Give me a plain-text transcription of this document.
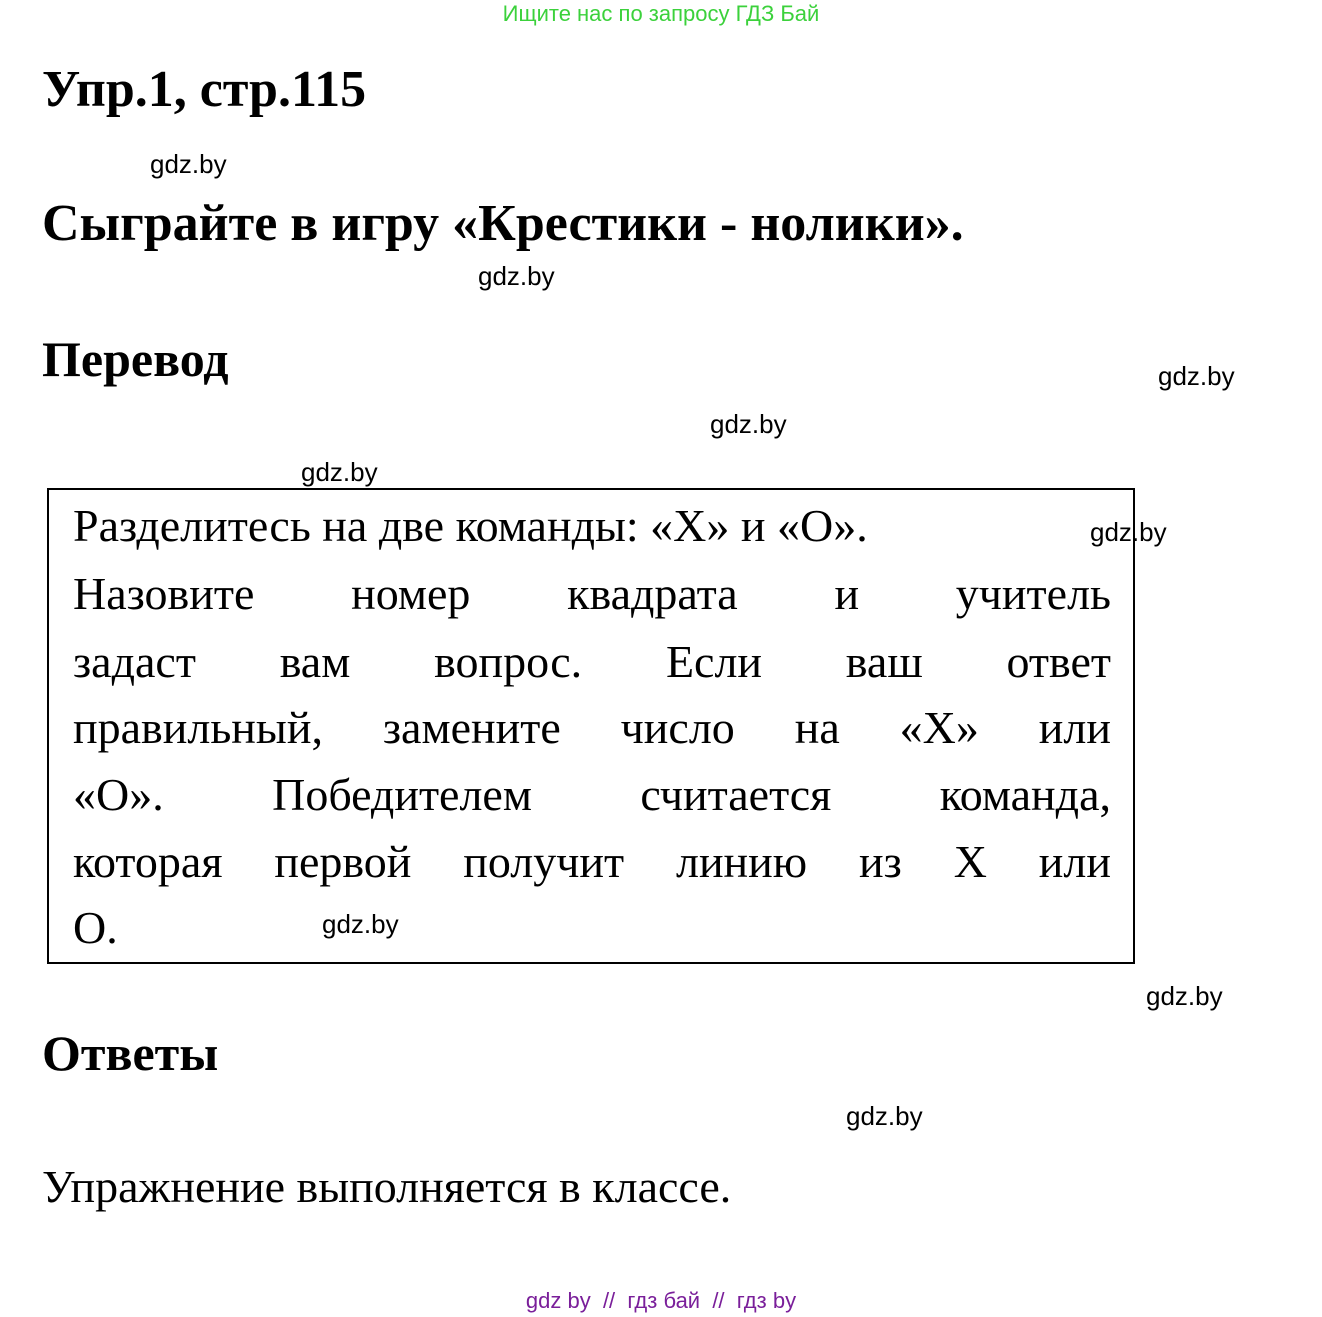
Ищите нас по запросу ГДЗ Бай
Упр.1, стр.115
gdz.by
Сыграйте в игру «Крестики - нолики».
gdz.by
Перевод	gdz.by
gdz.by
gdz.by
Разделитесь на две команды: «X» и «O».
Назовите номер квадрата и учитель
задаст вам вопрос. Если ваш ответ
правильный, замените число на «X» или
«O». Победителем считается команда,
которая первой получит линию из X или
O.
gdz.by
gdz.by
gdz.by
Ответы
gdz.by
Упражнение выполняется в классе.
gdz by  //  гдз бай  //  гдз by
